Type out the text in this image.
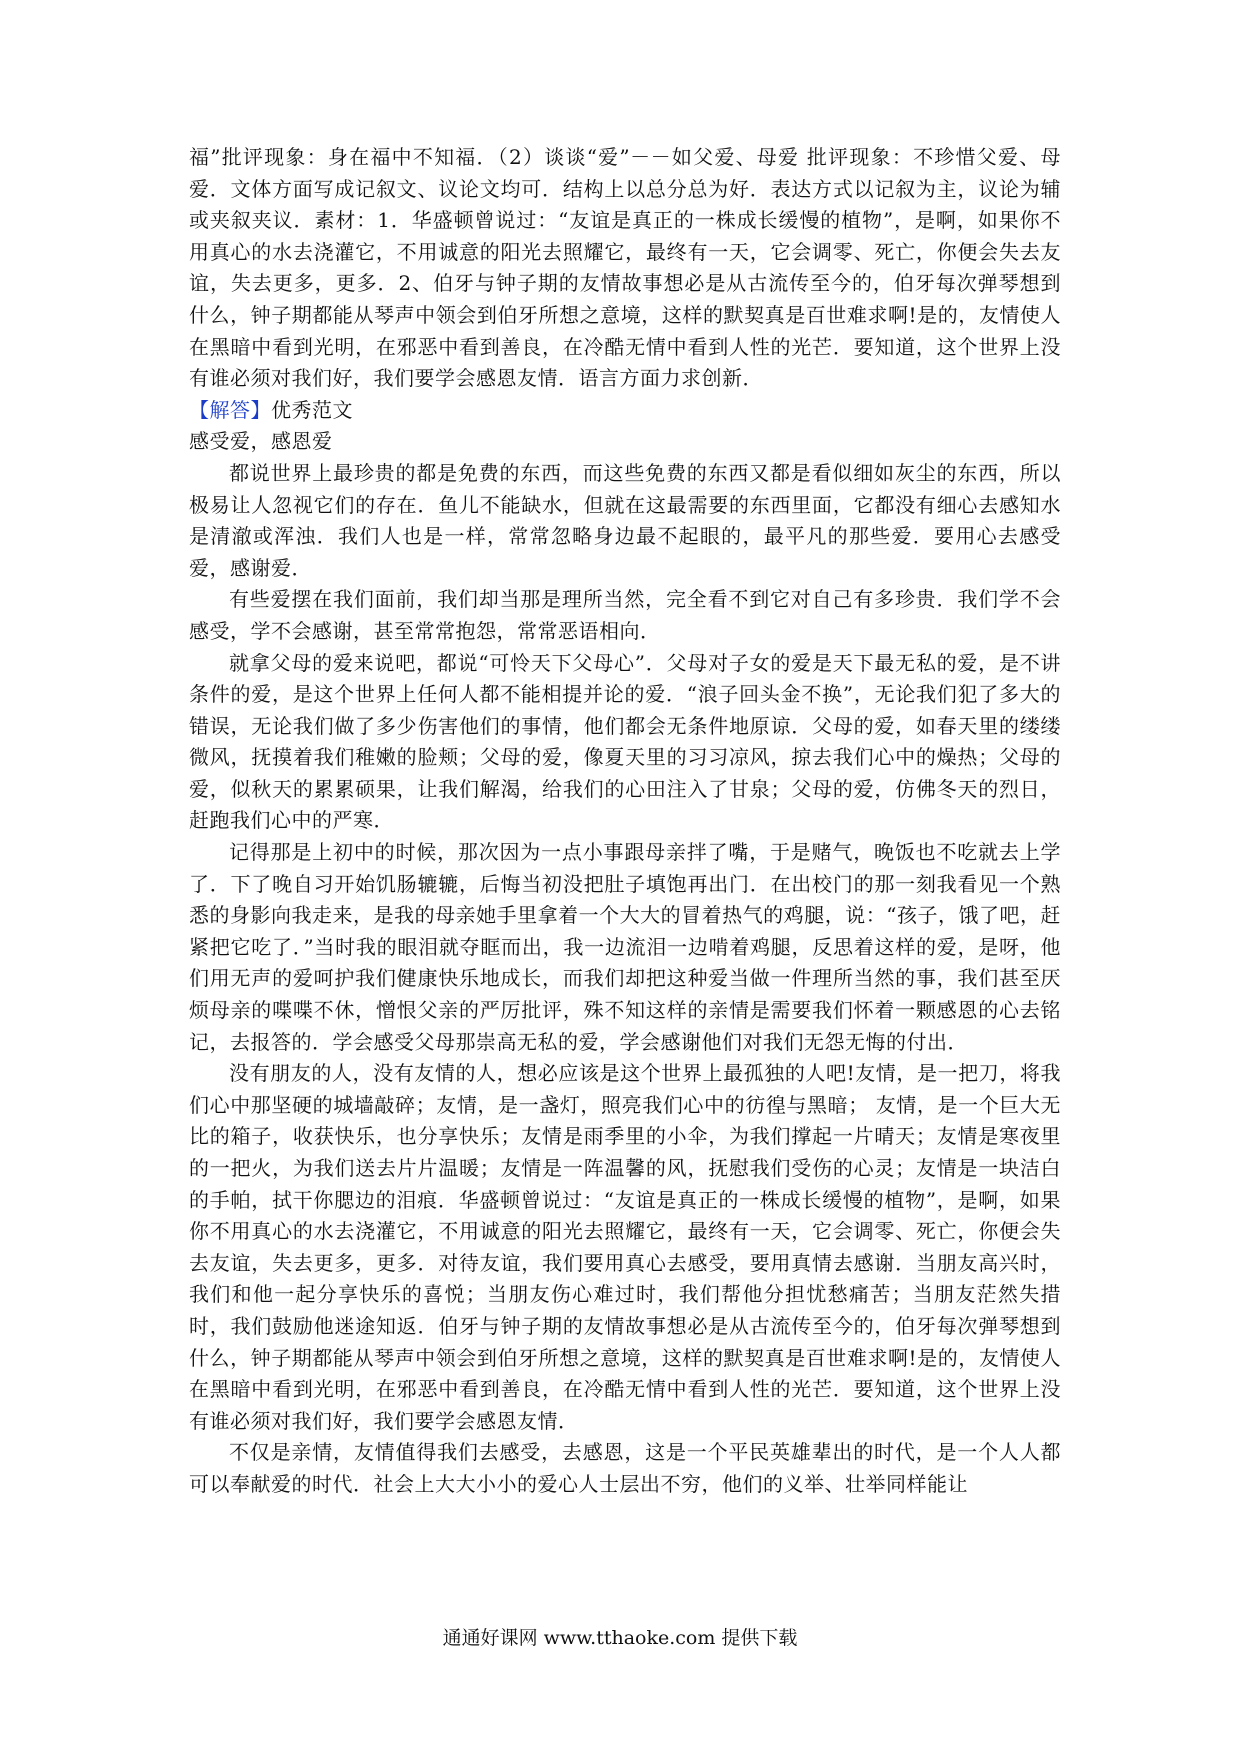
福”批评现象：身在福中不知福．（2）谈谈“爱”－－如父爱、母爱 批评现象：不珍惜父爱、母爱．文体方面写成记叙文、议论文均可．结构上以总分总为好．表达方式以记叙为主，议论为辅或夹叙夹议．素材：1．华盛顿曾说过：“友谊是真正的一株成长缓慢的植物”，是啊，如果你不用真心的水去浇灌它，不用诚意的阳光去照耀它，最终有一天，它会调零、死亡，你便会失去友谊，失去更多，更多．2、伯牙与钟子期的友情故事想必是从古流传至今的，伯牙每次弹琴想到什么，钟子期都能从琴声中领会到伯牙所想之意境，这样的默契真是百世难求啊!是的，友情使人在黑暗中看到光明，在邪恶中看到善良，在冷酷无情中看到人性的光芒．要知道，这个世界上没有谁必须对我们好，我们要学会感恩友情．语言方面力求创新．

【解答】优秀范文

感受爱，感恩爱

都说世界上最珍贵的都是免费的东西，而这些免费的东西又都是看似细如灰尘的东西，所以极易让人忽视它们的存在．鱼儿不能缺水，但就在这最需要的东西里面，它都没有细心去感知水是清澈或浑浊．我们人也是一样，常常忽略身边最不起眼的，最平凡的那些爱．要用心去感受爱，感谢爱．

有些爱摆在我们面前，我们却当那是理所当然，完全看不到它对自己有多珍贵．我们学不会感受，学不会感谢，甚至常常抱怨，常常恶语相向．

就拿父母的爱来说吧，都说“可怜天下父母心”．父母对子女的爱是天下最无私的爱，是不讲条件的爱，是这个世界上任何人都不能相提并论的爱．“浪子回头金不换”，无论我们犯了多大的错误，无论我们做了多少伤害他们的事情，他们都会无条件地原谅．父母的爱，如春天里的缕缕微风，抚摸着我们稚嫩的脸颊；父母的爱，像夏天里的习习凉风，掠去我们心中的燥热；父母的爱，似秋天的累累硕果，让我们解渴，给我们的心田注入了甘泉；父母的爱，仿佛冬天的烈日，赶跑我们心中的严寒．

记得那是上初中的时候，那次因为一点小事跟母亲拌了嘴，于是赌气，晚饭也不吃就去上学了．下了晚自习开始饥肠辘辘，后悔当初没把肚子填饱再出门．在出校门的那一刻我看见一个熟悉的身影向我走来，是我的母亲她手里拿着一个大大的冒着热气的鸡腿，说：“孩子，饿了吧，赶紧把它吃了．”当时我的眼泪就夺眶而出，我一边流泪一边啃着鸡腿，反思着这样的爱，是呀，他们用无声的爱呵护我们健康快乐地成长，而我们却把这种爱当做一件理所当然的事，我们甚至厌烦母亲的喋喋不休，憎恨父亲的严厉批评，殊不知这样的亲情是需要我们怀着一颗感恩的心去铭记，去报答的．学会感受父母那崇高无私的爱，学会感谢他们对我们无怨无悔的付出．

没有朋友的人，没有友情的人，想必应该是这个世界上最孤独的人吧!友情，是一把刀，将我们心中那坚硬的城墙敲碎；友情，是一盏灯，照亮我们心中的彷徨与黑暗； 友情，是一个巨大无比的箱子，收获快乐，也分享快乐；友情是雨季里的小伞，为我们撑起一片晴天；友情是寒夜里的一把火，为我们送去片片温暖；友情是一阵温馨的风，抚慰我们受伤的心灵；友情是一块洁白的手帕，拭干你腮边的泪痕．华盛顿曾说过：“友谊是真正的一株成长缓慢的植物”，是啊，如果你不用真心的水去浇灌它，不用诚意的阳光去照耀它，最终有一天，它会调零、死亡，你便会失去友谊，失去更多，更多．对待友谊，我们要用真心去感受，要用真情去感谢．当朋友高兴时，我们和他一起分享快乐的喜悦；当朋友伤心难过时，我们帮他分担忧愁痛苦；当朋友茫然失措时，我们鼓励他迷途知返．伯牙与钟子期的友情故事想必是从古流传至今的，伯牙每次弹琴想到什么，钟子期都能从琴声中领会到伯牙所想之意境，这样的默契真是百世难求啊!是的，友情使人在黑暗中看到光明，在邪恶中看到善良，在冷酷无情中看到人性的光芒．要知道，这个世界上没有谁必须对我们好，我们要学会感恩友情．

不仅是亲情，友情值得我们去感受，去感恩，这是一个平民英雄辈出的时代，是一个人人都可以奉献爱的时代．社会上大大小小的爱心人士层出不穷，他们的义举、壮举同样能让

通通好课网 www.tthaoke.com 提供下载
